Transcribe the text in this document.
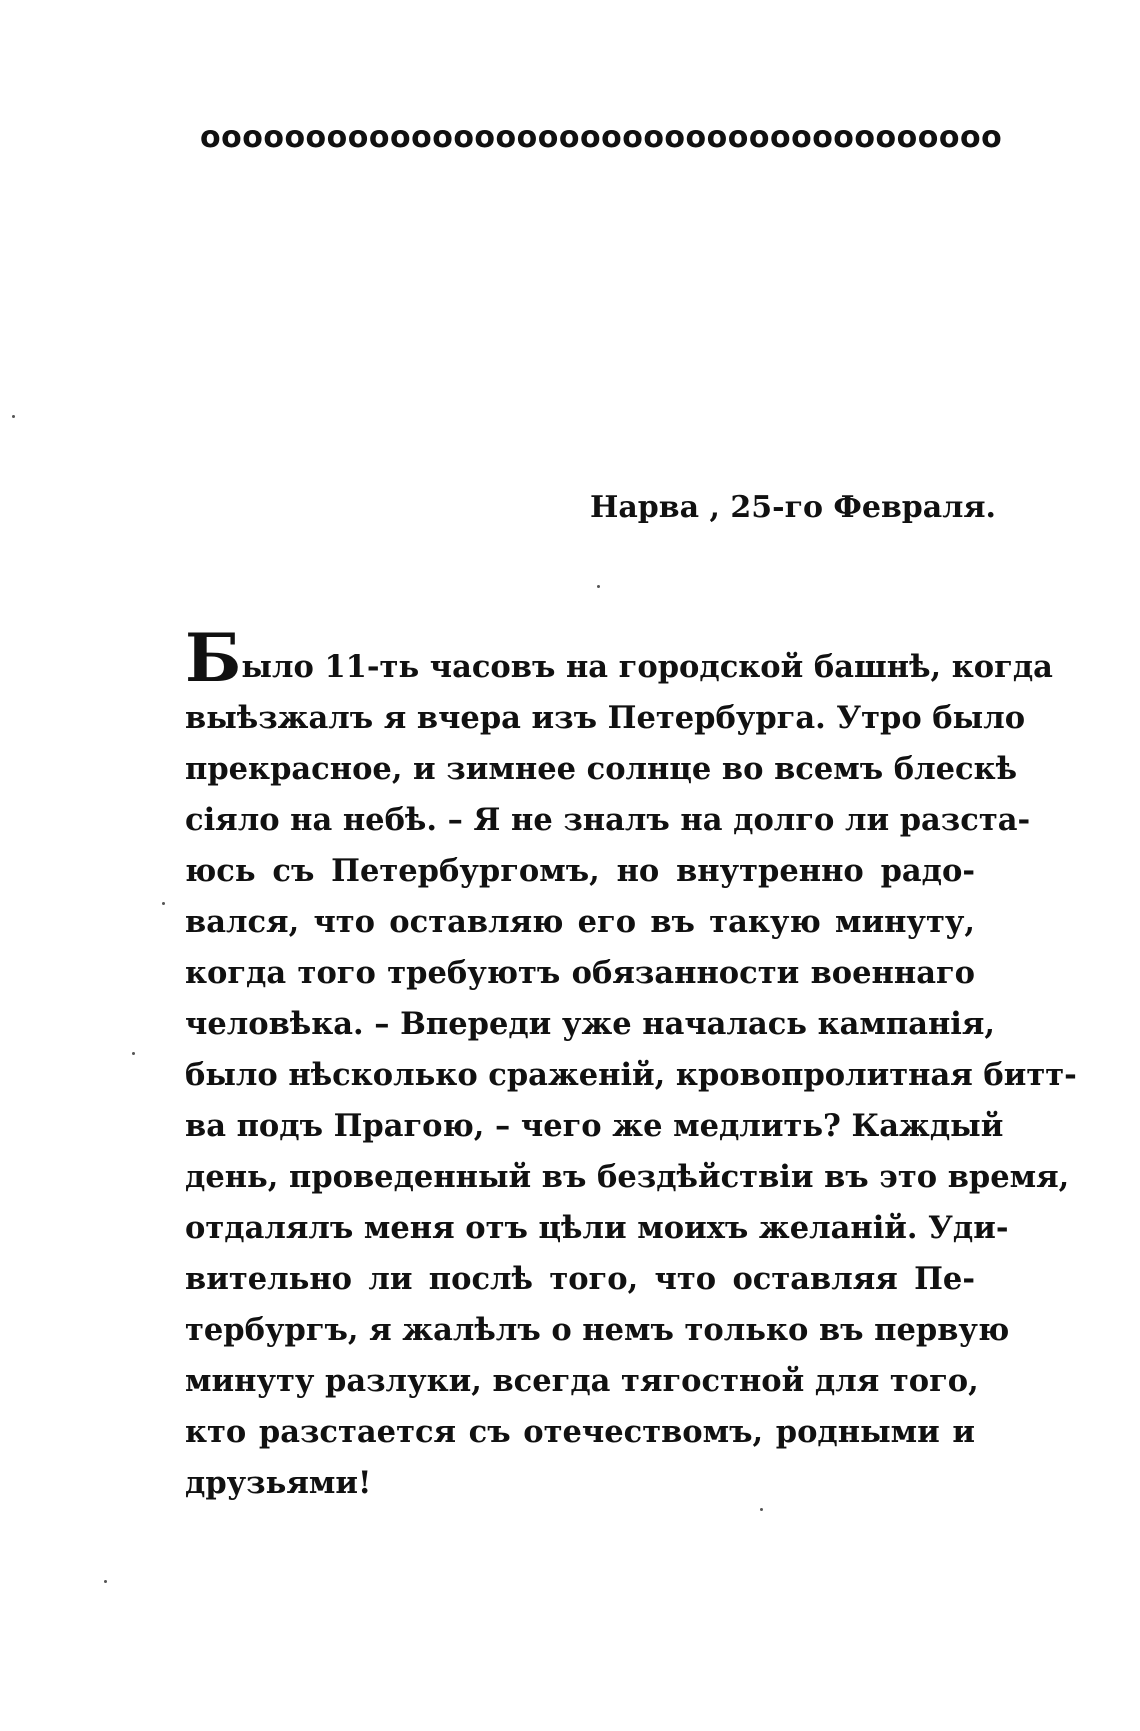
oooooooooooooooooooooooooooooooooooooo
Нарва , 25-го Февраля.
Было 11-ть часовъ на городской башнѣ, когда
выѣзжалъ я вчера изъ Петербурга. Утро было
прекрасное, и зимнее солнце во всемъ блескѣ
сіяло на небѣ. – Я не зналъ на долго ли разста-
юсь съ Петербургомъ, но внутренно радо-
вался, что оставляю его въ такую минуту,
когда того требуютъ обязанности военнаго
человѣка. – Впереди уже началась кампанія,
было нѣсколько сраженій, кровопролитная битт-
ва подъ Прагою, – чего же медлить? Каждый
день, проведенный въ бездѣйствіи въ это время,
отдалялъ меня отъ цѣли моихъ желаній. Уди-
вительно ли послѣ того, что оставляя Пе-
тербургъ, я жалѣлъ о немъ только въ первую
минуту разлуки, всегда тягостной для того,
кто разстается съ отечествомъ, родными и
друзьями!
